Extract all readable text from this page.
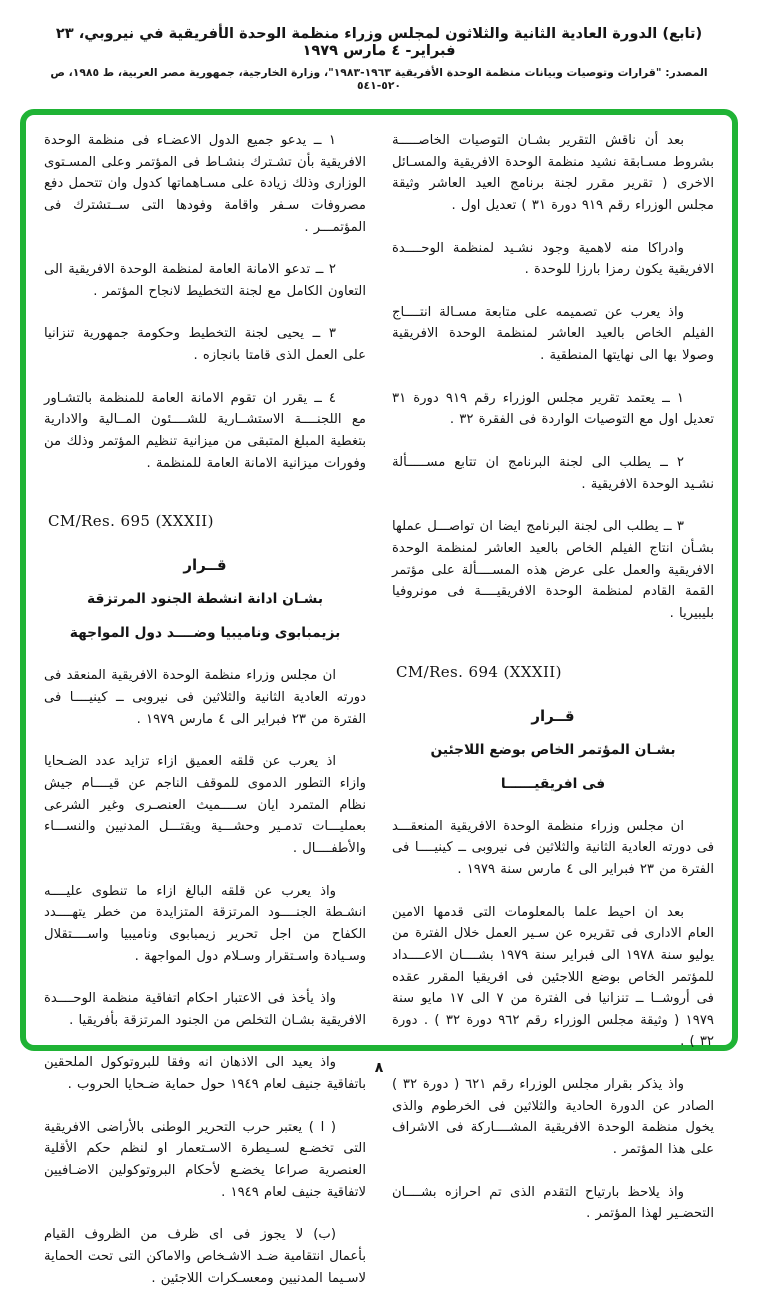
(تابع) الدورة العادية الثانية والثلاثون لمجلس وزراء منظمة الوحدة الأفريقية في نيروبي، ٢٣ فبراير- ٤ مارس ١٩٧٩
المصدر: "قرارات وتوصيات وبيانات منظمة الوحدة الأفريقية ١٩٦٣-١٩٨٣"، وزارة الخارجية، جمهورية مصر العربية، ط ١٩٨٥، ص ٥٢٠-٥٤١
بعد أن ناقش التقرير بشـان التوصيات الخاصـــــة بشروط مسـابقة نشيد منظمة الوحدة الافريقية والمسـائل الاخرى ( تقرير مقرر لجنة برنامج العيد العاشر وثيقة مجلس الوزراء رقم ٩١٩ دورة ٣١ ) تعديل اول .
وادراكا منه لاهمية وجود نشـيد لمنظمة الوحــــدة الافريقية يكون رمزا بارزا للوحدة .
واذ يعرب عن تصميمه على متابعة مسـالة انتــــاج الفيلم الخاص بالعيد العاشر لمنظمة الوحدة الافريقية وصولا بها الى نهايتها المنطقية .
١ ــ يعتمد تقرير مجلس الوزراء رقم ٩١٩ دورة ٣١ تعديل اول مع التوصيات الواردة فى الفقرة ٣٢ .
٢ ــ يطلب الى لجنة البرنامج ان تتابع مســـــألة نشـيد الوحدة الافريقية .
٣ ــ يطلب الى لجنة البرنامج ايضا ان تواصـــل عملها بشـأن انتاج الفيلم الخاص بالعيد العاشر لمنظمة الوحدة الافريقية والعمل على عرض هذه المســــألة على مؤتمر القمة القادم لمنظمة الوحدة الافريقيــــة فى مونروفيا بليبيريا .
CM/Res. 694 (XXXII)
قــرار
بشـان المؤتمر الخاص بوضع اللاجئين
فى افريقيــــــا
ان مجلس وزراء منظمة الوحدة الافريقية المنعقـــد فى دورته العادية الثانية والثلاثين فى نيروبى ــ كينيــــا فى الفترة من ٢٣ فبراير الى ٤ مارس سنة ١٩٧٩ .
بعد ان احيط علما بالمعلومات التى قدمها الامين العام الادارى فى تقريره عن سـير العمل خلال الفترة من يوليو سنة ١٩٧٨ الى فبراير سنة ١٩٧٩ بشــــان الاعــــداد للمؤتمر الخاص بوضع اللاجئين فى افريقيا المقرر عقده فى أروشــا ــ تنزانيا فى الفترة من ٧ الى ١٧ مايو سنة ١٩٧٩ ( وثيقة مجلس الوزراء رقم ٩٦٢ دورة ٣٢ ) . دورة ٣٢ ) .
واذ يذكر بقرار مجلس الوزراء رقم ٦٢١ ( دورة ٣٢ ) الصادر عن الدورة الحادية والثلاثين فى الخرطوم والذى يخول منظمة الوحدة الافريقية المشــــاركة فى الاشراف على هذا المؤتمر .
واذ يلاحظ بارتياح التقدم الذى تم احرازه بشــــان التحضـير لهذا المؤتمر .
١ ــ يدعو جميع الدول الاعضـاء فى منظمة الوحدة الافريقية بأن تشـترك بنشـاط فى المؤتمر وعلى المسـتوى الوزارى وذلك زيادة على مسـاهماتها كدول وان تتحمل دفع مصروفات سـفر واقامة وفودها التى ســتشترك فى المؤتمـــر .
٢ ــ تدعو الامانة العامة لمنظمة الوحدة الافريقية الى التعاون الكامل مع لجنة التخطيط لانجاح المؤتمر .
٣ ــ يحيى لجنة التخطيط وحكومة جمهورية تنزانيا على العمل الذى قامتا بانجازه .
٤ ــ يقرر ان تقوم الامانة العامة للمنظمة بالتشـاور مع اللجنــــة الاستشــارية للشــــئون المــالية والادارية بتغطية المبلغ المتبقى من ميزانية تنظيم المؤتمر وذلك من وفورات ميزانية الامانة العامة للمنظمة .
CM/Res. 695 (XXXII)
قــرار
بشـان ادانة انشطة الجنود المرتزقة
بزيمبابوى وناميبيا وضــــد دول المواجهة
ان مجلس وزراء منظمة الوحدة الافريقية المنعقد فى دورته العادية الثانية والثلاثين فى نيروبى ــ كينيــــا فى الفترة من ٢٣ فبراير الى ٤ مارس ١٩٧٩ .
اذ يعرب عن قلقه العميق ازاء تزايد عدد الضـحايا وازاء التطور الدموى للموقف الناجم عن قيــــام جيش نظام المتمرد ايان ســــميث العنصـرى وغير الشرعى بعمليـــات تدمـير وحشـــية ويقتـــل المدنيين والنســـاء والأطفــــال .
واذ يعرب عن قلقه البالغ ازاء ما تنطوى عليــــه انشـطة الجنــــود المرتزقة المتزايدة من خطر يتهــــدد الكفاح من اجل تحرير زيمبابوى وناميبيا واســــتقلال وسـيادة واسـتقرار وسـلام دول المواجهة .
واذ يأخذ فى الاعتبار احكام اتفاقية منظمة الوحــــدة الافريقية بشـان التخلص من الجنود المرتزقة بأفريقيا .
واذ يعيد الى الاذهان انه وفقا للبروتوكول الملحقين باتفاقية جنيف لعام ١٩٤٩ حول حماية ضـحايا الحروب .
( ا ) يعتبر حرب التحرير الوطنى بالأراضى الافريقية التى تخضـع لسـيطرة الاسـتعمار او لنظم حكم الأقلية العنصرية صراعا يخضـع لأحكام البروتوكولين الاضـافيين لاتفاقية جنيف لعام ١٩٤٩ .
(ب) لا يجوز فى اى ظرف من الظروف القيام بأعمال انتقامية ضـد الاشـخاص والاماكن التى تحت الحماية لاسـيما المدنيين ومعسـكرات اللاجئين .
٨
